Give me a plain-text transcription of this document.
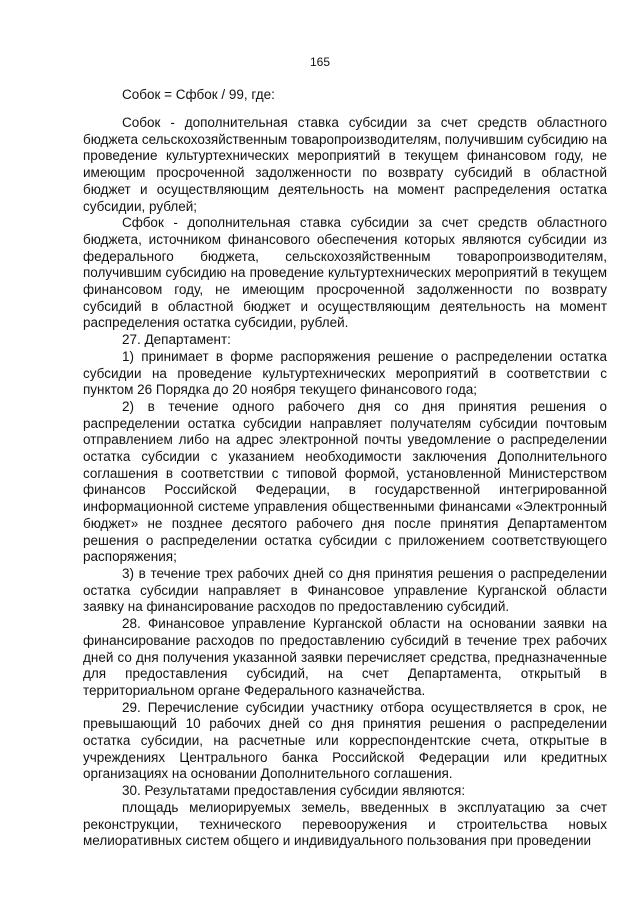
165
Собок = Сфбок / 99, где:

Собок - дополнительная ставка субсидии за счет средств областного бюджета сельскохозяйственным товаропроизводителям, получившим субсидию на проведение культуртехнических мероприятий в текущем финансовом году, не имеющим просроченной задолженности по возврату субсидий в областной бюджет и осуществляющим деятельность на момент распределения остатка субсидии, рублей;

Сфбок - дополнительная ставка субсидии за счет средств областного бюджета, источником финансового обеспечения которых являются субсидии из федерального бюджета, сельскохозяйственным товаропроизводителям, получившим субсидию на проведение культуртехнических мероприятий в текущем финансовом году, не имеющим просроченной задолженности по возврату субсидий в областной бюджет и осуществляющим деятельность на момент распределения остатка субсидии, рублей.

27. Департамент:

1) принимает в форме распоряжения решение о распределении остатка субсидии на проведение культуртехнических мероприятий в соответствии с пунктом 26 Порядка до 20 ноября текущего финансового года;

2) в течение одного рабочего дня со дня принятия решения о распределении остатка субсидии направляет получателям субсидии почтовым отправлением либо на адрес электронной почты уведомление о распределении остатка субсидии с указанием необходимости заключения Дополнительного соглашения в соответствии с типовой формой, установленной Министерством финансов Российской Федерации, в государственной интегрированной информационной системе управления общественными финансами «Электронный бюджет» не позднее десятого рабочего дня после принятия Департаментом решения о распределении остатка субсидии с приложением соответствующего распоряжения;

3) в течение трех рабочих дней со дня принятия решения о распределении остатка субсидии направляет в Финансовое управление Курганской области заявку на финансирование расходов по предоставлению субсидий.

28. Финансовое управление Курганской области на основании заявки на финансирование расходов по предоставлению субсидий в течение трех рабочих дней со дня получения указанной заявки перечисляет средства, предназначенные для предоставления субсидий, на счет Департамента, открытый в территориальном органе Федерального казначейства.

29. Перечисление субсидии участнику отбора осуществляется в срок, не превышающий 10 рабочих дней со дня принятия решения о распределении остатка субсидии, на расчетные или корреспондентские счета, открытые в учреждениях Центрального банка Российской Федерации или кредитных организациях на основании Дополнительного соглашения.

30. Результатами предоставления субсидии являются:

площадь мелиорируемых земель, введенных в эксплуатацию за счет реконструкции, технического перевооружения и строительства новых мелиоративных систем общего и индивидуального пользования при проведении
